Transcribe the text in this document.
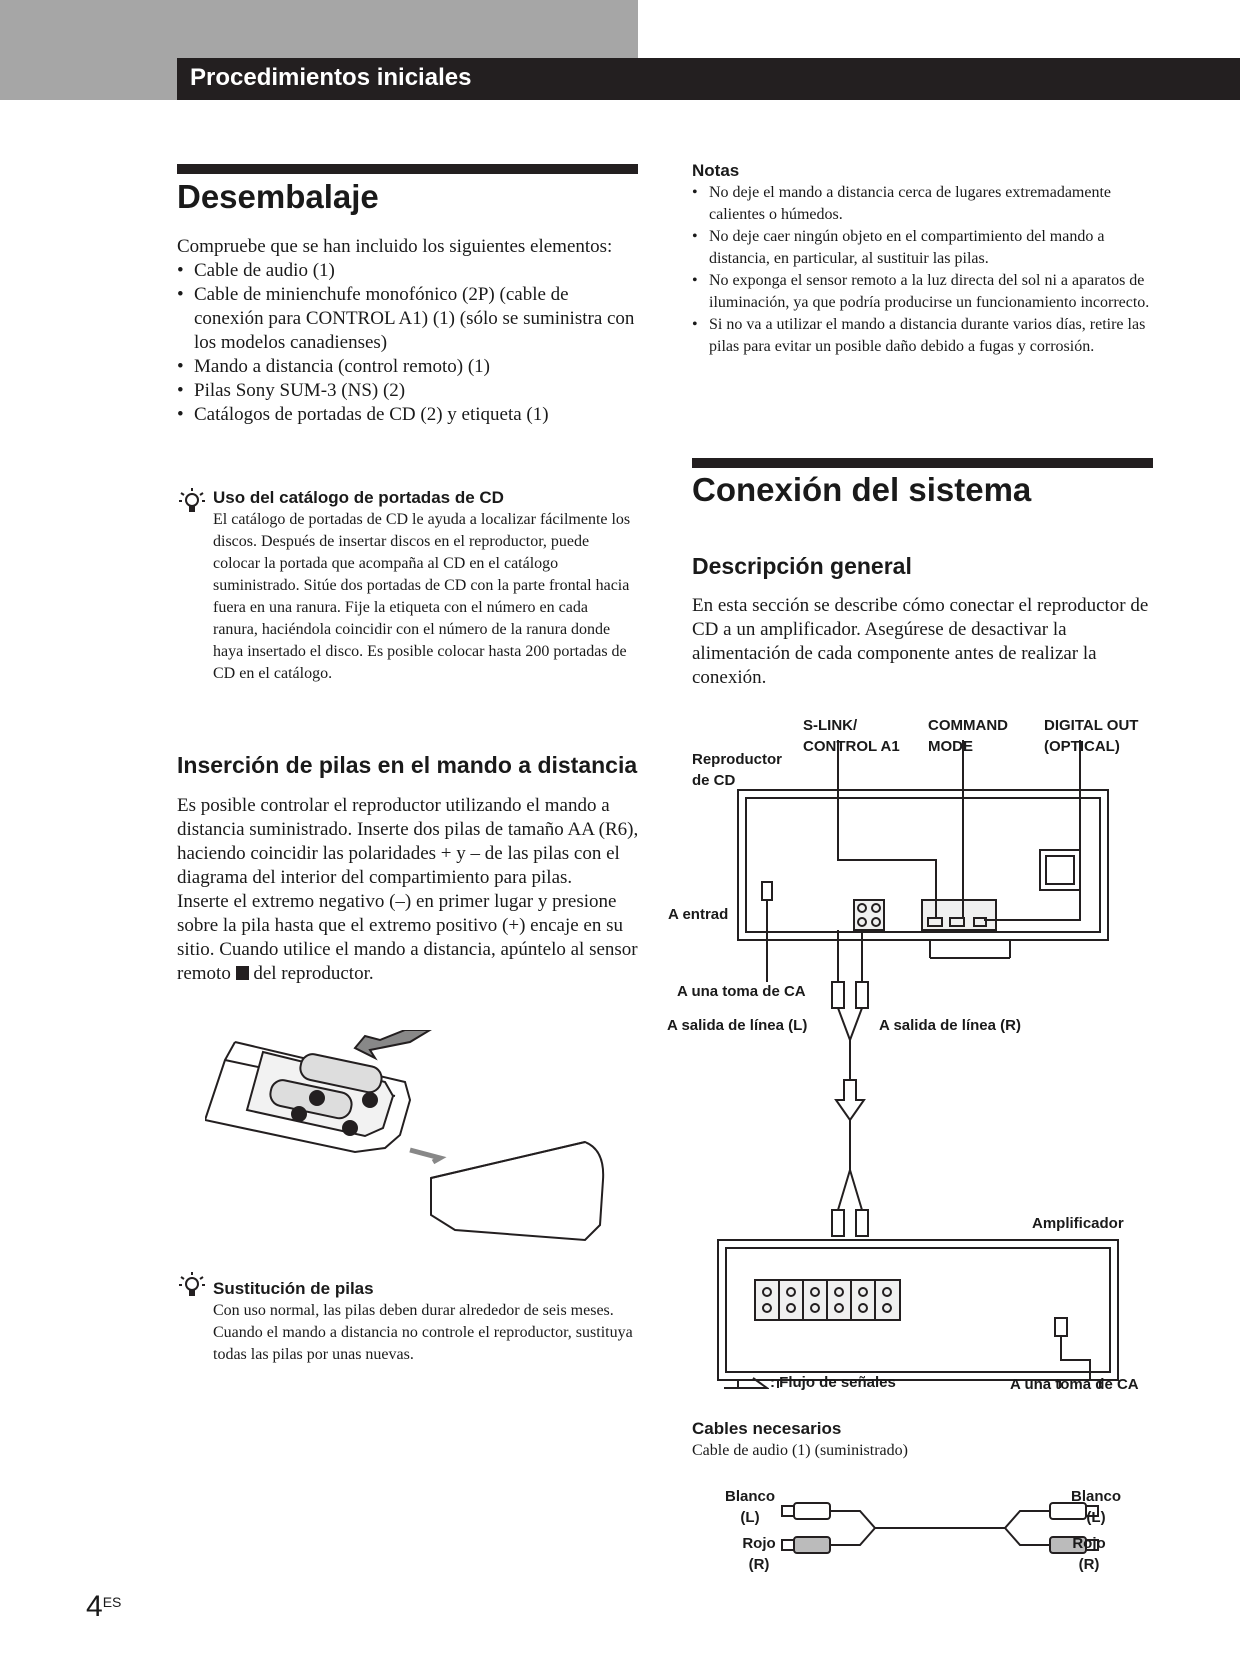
Procedimientos iniciales
Desembalaje
Compruebe que se han incluido los siguientes elementos:
• Cable de audio (1)
• Cable de minienchufe monofónico (2P) (cable de conexión para CONTROL A1) (1) (sólo se suministra con los modelos canadienses)
• Mando a distancia (control remoto) (1)
• Pilas Sony SUM-3 (NS) (2)
• Catálogos de portadas de CD (2) y etiqueta (1)
Uso del catálogo de portadas de CD
El catálogo de portadas de CD le ayuda a localizar fácilmente los discos. Después de insertar discos en el reproductor, puede colocar la portada que acompaña al CD en el catálogo suministrado. Sitúe dos portadas de CD con la parte frontal hacia fuera en una ranura. Fije la etiqueta con el número en cada ranura, haciéndola coincidir con el número de la ranura donde haya insertado el disco. Es posible colocar hasta 200 portadas de CD en el catálogo.
Inserción de pilas en el mando a distancia
Es posible controlar el reproductor utilizando el mando a distancia suministrado. Inserte dos pilas de tamaño AA (R6), haciendo coincidir las polaridades + y – de las pilas con el diagrama del interior del compartimiento para pilas.
Inserte el extremo negativo (–) en primer lugar y presione sobre la pila hasta que el extremo positivo (+) encaje en su sitio. Cuando utilice el mando a distancia, apúntelo al sensor remoto  del reproductor.
Sustitución de pilas
Con uso normal, las pilas deben durar alrededor de seis meses. Cuando el mando a distancia no controle el reproductor, sustituya todas las pilas por unas nuevas.
Notas
• No deje el mando a distancia cerca de lugares extremadamente calientes o húmedos.
• No deje caer ningún objeto en el compartimiento del mando a distancia, en particular, al sustituir las pilas.
• No exponga el sensor remoto a la luz directa del sol ni a aparatos de iluminación, ya que podría producirse un funcionamiento incorrecto.
• Si no va a utilizar el mando a distancia durante varios días, retire las pilas para evitar un posible daño debido a fugas y corrosión.
Conexión del sistema
Descripción general
En esta sección se describe cómo conectar el reproductor de CD a un amplificador. Asegúrese de desactivar la alimentación de cada componente antes de realizar la conexión.
S-LINK/
CONTROL A1
COMMAND
MODE
DIGITAL OUT
(OPTICAL)
Reproductor
de CD
A entrad
A una toma de CA
A salida de línea (L)	A salida de línea (R)
Amplificador
: Flujo de señales	A una toma de CA
Cables necesarios
Cable de audio (1) (suministrado)
Blanco
(L)
Rojo
(R)
Blanco
(L)
Rojo
(R)
$4^{ES}$
